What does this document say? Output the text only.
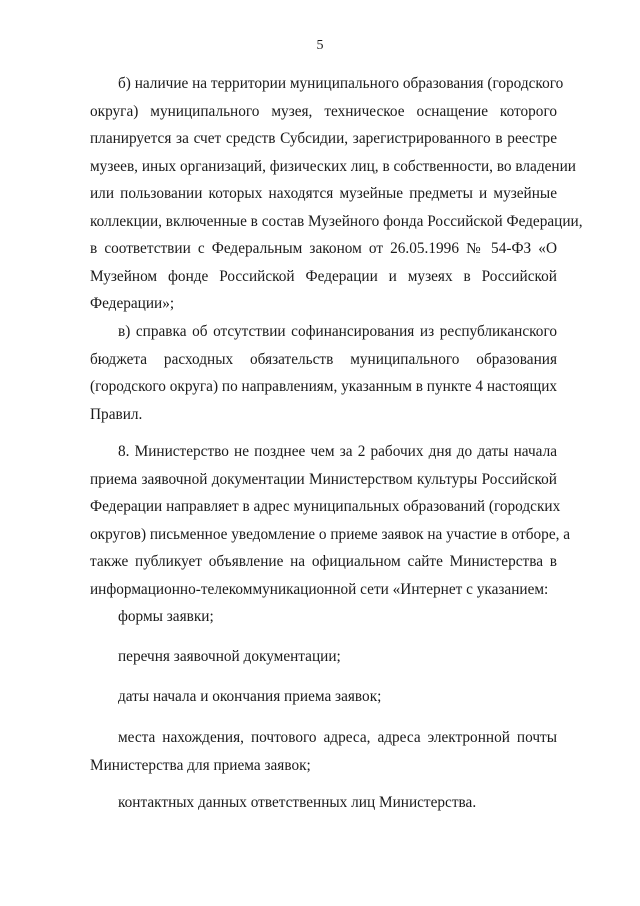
5
б) наличие на территории муниципального образования (городского
округа) муниципального музея, техническое оснащение которого
планируется за счет средств Субсидии, зарегистрированного в реестре
музеев, иных организаций, физических лиц, в собственности, во владении
или пользовании которых находятся музейные предметы и музейные
коллекции, включенные в состав Музейного фонда Российской Федерации,
в соответствии с Федеральным законом от 26.05.1996 № 54-ФЗ «О
Музейном фонде Российской Федерации и музеях в Российской
Федерации»;
в) справка об отсутствии софинансирования из республиканского
бюджета расходных обязательств муниципального образования
(городского округа) по направлениям, указанным в пункте 4 настоящих
Правил.
8. Министерство не позднее чем за 2 рабочих дня до даты начала
приема заявочной документации Министерством культуры Российской
Федерации направляет в адрес муниципальных образований (городских
округов) письменное уведомление о приеме заявок на участие в отборе, а
также публикует объявление на официальном сайте Министерства в
информационно-телекоммуникационной сети «Интернет с указанием:
формы заявки;
перечня заявочной документации;
даты начала и окончания приема заявок;
места нахождения, почтового адреса, адреса электронной почты
Министерства для приема заявок;
контактных данных ответственных лиц Министерства.
